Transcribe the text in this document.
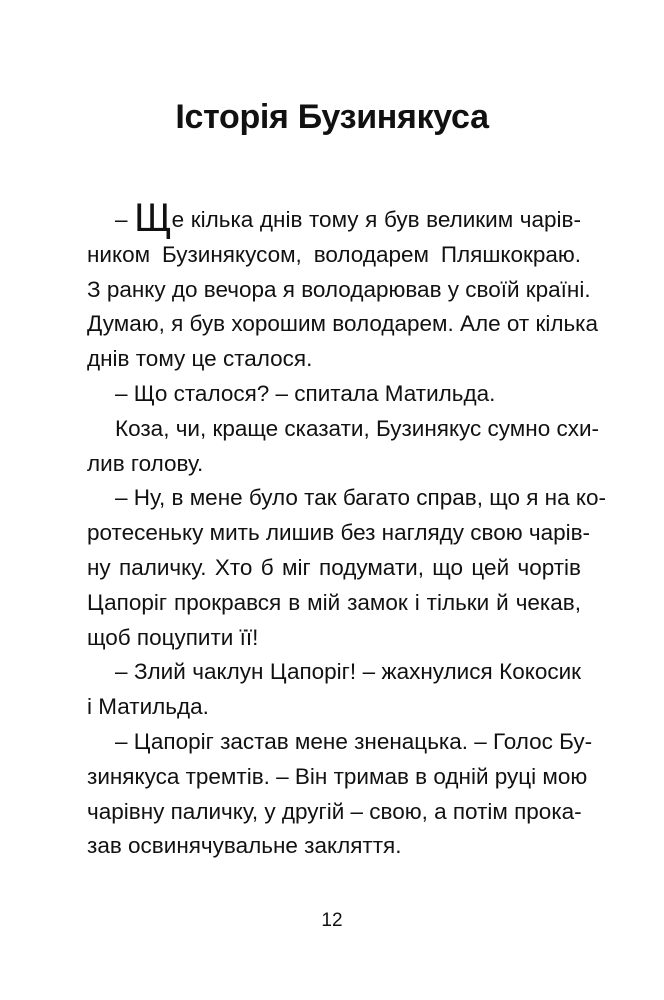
Історія Бузинякуса
– Ще кілька днів тому я був великим чарів-
ником Бузинякусом, володарем Пляшкокраю.
З ранку до вечора я володарював у своїй країні.
Думаю, я був хорошим володарем. Але от кілька
днів тому це сталося.
– Що сталося? – спитала Матильда.
Коза, чи, краще сказати, Бузинякус сумно схи-
лив голову.
– Ну, в мене було так багато справ, що я на ко-
ротесеньку мить лишив без нагляду свою чарів-
ну паличку. Хто б міг подумати, що цей чортів
Цапоріг прокрався в мій замок і тільки й чекав,
щоб поцупити її!
– Злий чаклун Цапоріг! – жахнулися Кокосик
і Матильда.
– Цапоріг застав мене зненацька. – Голос Бу-
зинякуса тремтів. – Він тримав в одній руці мою
чарівну паличку, у другій – свою, а потім прока-
зав освинячувальне закляття.
12
